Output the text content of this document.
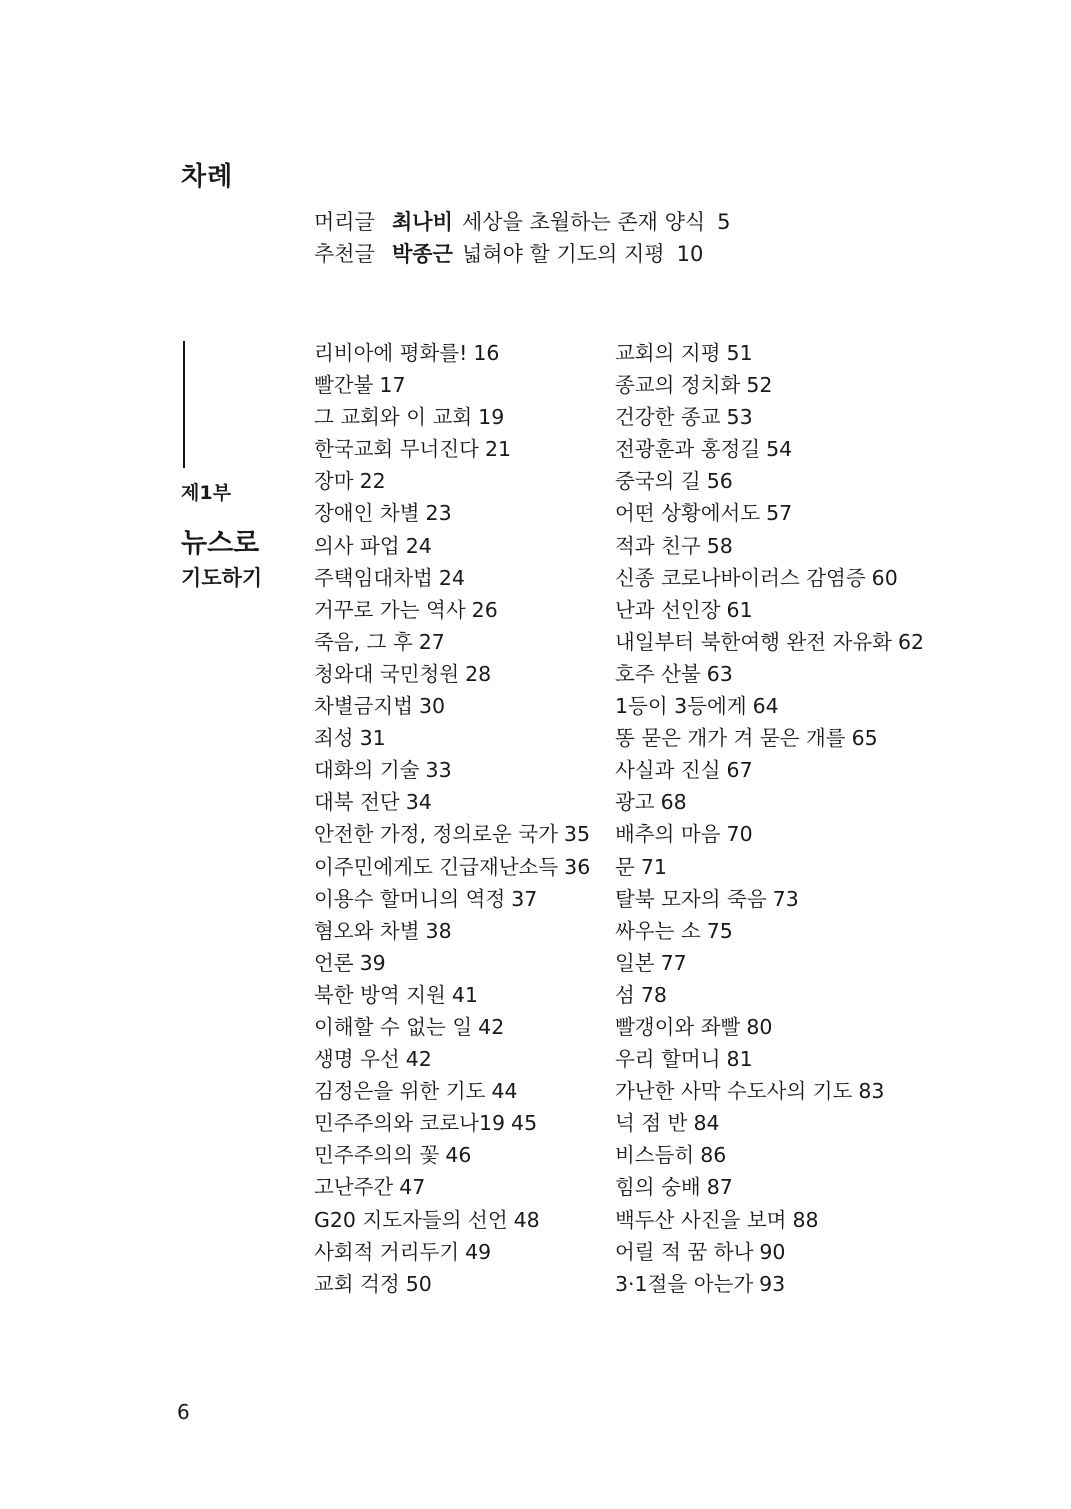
차례
머리글 최나비 세상을 초월하는 존재 양식 5
추천글 박종근 넓혀야 할 기도의 지평 10
제1부
뉴스로
기도하기
리비아에 평화를! 16
빨간불 17
그 교회와 이 교회 19
한국교회 무너진다 21
장마 22
장애인 차별 23
의사 파업 24
주택임대차법 24
거꾸로 가는 역사 26
죽음, 그 후 27
청와대 국민청원 28
차별금지법 30
죄성 31
대화의 기술 33
대북 전단 34
안전한 가정, 정의로운 국가 35
이주민에게도 긴급재난소득 36
이용수 할머니의 역정 37
혐오와 차별 38
언론 39
북한 방역 지원 41
이해할 수 없는 일 42
생명 우선 42
김정은을 위한 기도 44
민주주의와 코로나19 45
민주주의의 꽃 46
고난주간 47
G20 지도자들의 선언 48
사회적 거리두기 49
교회 걱정 50
교회의 지평 51
종교의 정치화 52
건강한 종교 53
전광훈과 홍정길 54
중국의 길 56
어떤 상황에서도 57
적과 친구 58
신종 코로나바이러스 감염증 60
난과 선인장 61
내일부터 북한여행 완전 자유화 62
호주 산불 63
1등이 3등에게 64
똥 묻은 개가 겨 묻은 개를 65
사실과 진실 67
광고 68
배추의 마음 70
문 71
탈북 모자의 죽음 73
싸우는 소 75
일본 77
섬 78
빨갱이와 좌빨 80
우리 할머니 81
가난한 사막 수도사의 기도 83
넉 점 반 84
비스듬히 86
힘의 숭배 87
백두산 사진을 보며 88
어릴 적 꿈 하나 90
3·1절을 아는가 93
6
